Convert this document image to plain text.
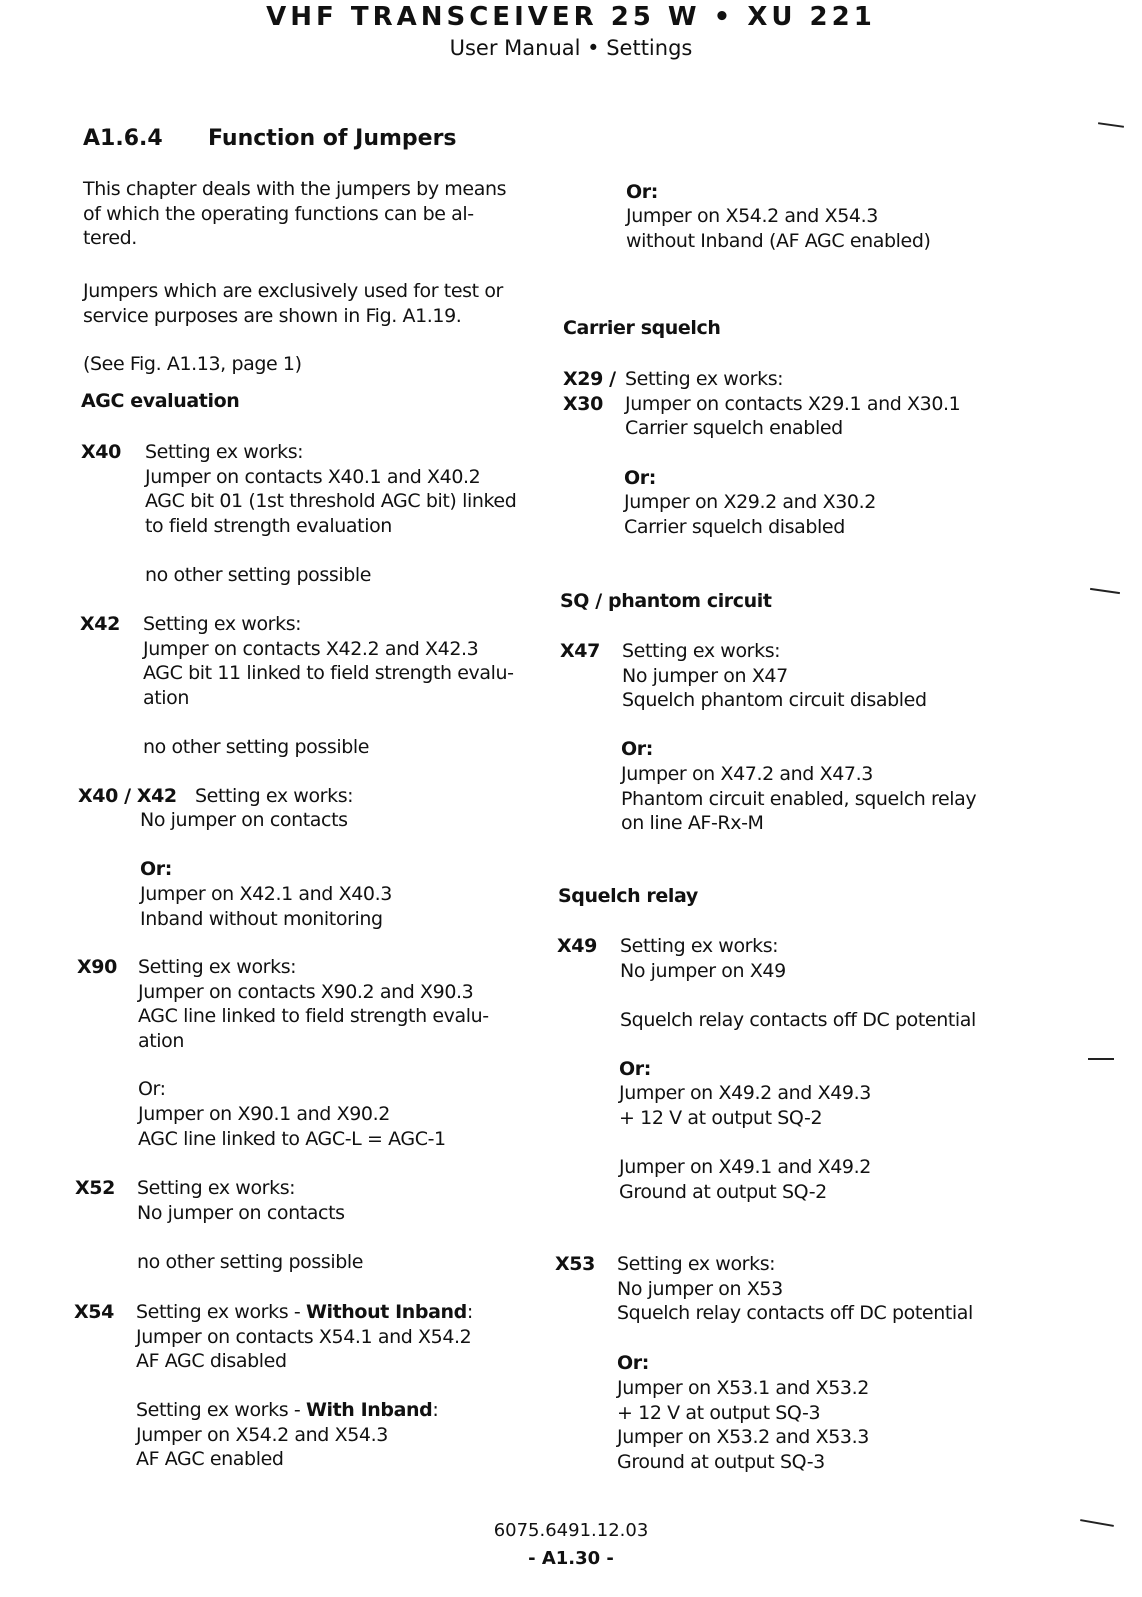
VHF TRANSCEIVER 25 W • XU 221
User Manual • Settings
A1.6.4 Function of Jumpers
This chapter deals with the jumpers by means
of which the operating functions can be al-
tered.
Jumpers which are exclusively used for test or
service purposes are shown in Fig. A1.19.
(See Fig. A1.13, page 1)
AGC evaluation
X40 Setting ex works:
Jumper on contacts X40.1 and X40.2
AGC bit 01 (1st threshold AGC bit) linked
to field strength evaluation
no other setting possible
X42 Setting ex works:
Jumper on contacts X42.2 and X42.3
AGC bit 11 linked to field strength evalu-
ation
no other setting possible
X40 / X42 Setting ex works:
No jumper on contacts
Or:
Jumper on X42.1 and X40.3
Inband without monitoring
X90 Setting ex works:
Jumper on contacts X90.2 and X90.3
AGC line linked to field strength evalu-
ation
Or:
Jumper on X90.1 and X90.2
AGC line linked to AGC-L = AGC-1
X52 Setting ex works:
No jumper on contacts
no other setting possible
X54 Setting ex works - Without Inband:
Jumper on contacts X54.1 and X54.2
AF AGC disabled
Setting ex works - With Inband:
Jumper on X54.2 and X54.3
AF AGC enabled
Or:
Jumper on X54.2 and X54.3
without Inband (AF AGC enabled)
Carrier squelch
X29 /
X30
Setting ex works:
Jumper on contacts X29.1 and X30.1
Carrier squelch enabled
Or:
Jumper on X29.2 and X30.2
Carrier squelch disabled
SQ / phantom circuit
X47 Setting ex works:
No jumper on X47
Squelch phantom circuit disabled
Or:
Jumper on X47.2 and X47.3
Phantom circuit enabled, squelch relay
on line AF-Rx-M
Squelch relay
X49 Setting ex works:
No jumper on X49
Squelch relay contacts off DC potential
Or:
Jumper on X49.2 and X49.3
+ 12 V at output SQ-2
Jumper on X49.1 and X49.2
Ground at output SQ-2
X53 Setting ex works:
No jumper on X53
Squelch relay contacts off DC potential
Or:
Jumper on X53.1 and X53.2
+ 12 V at output SQ-3
Jumper on X53.2 and X53.3
Ground at output SQ-3
6075.6491.12.03
- A1.30 -
